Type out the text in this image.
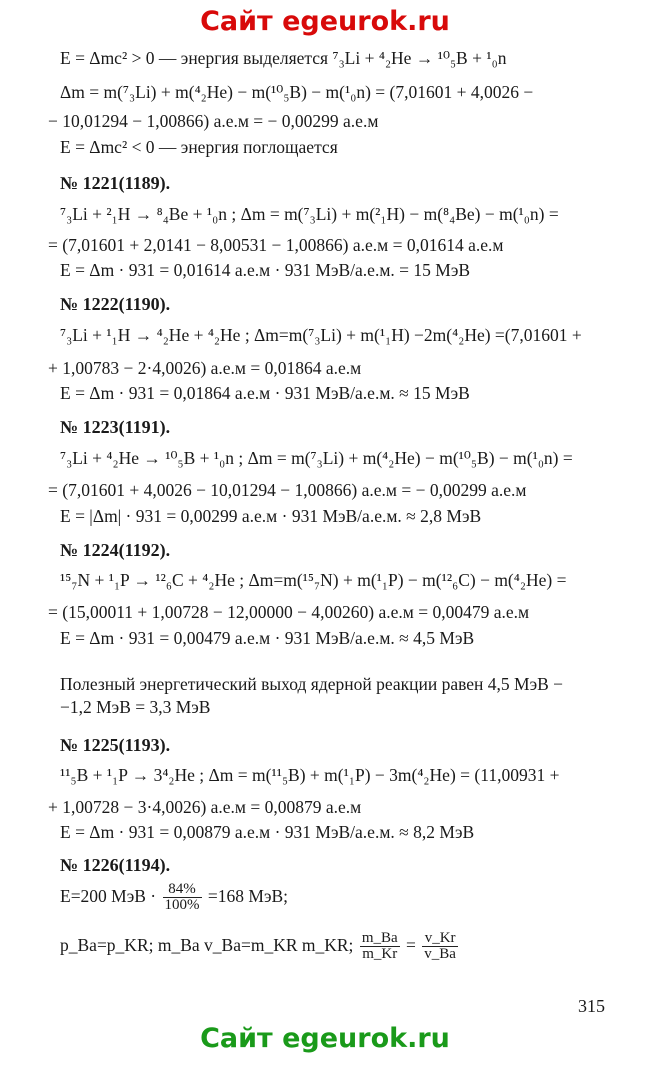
Сайт egeurok.ru
E = Δmc² > 0 — энергия выделяется ⁷₃Li + ⁴₂He → ¹⁰₅B + ¹₀n
Δm = m(⁷₃Li) + m(⁴₂He) − m(¹⁰₅B) − m(¹₀n) = (7,01601 + 4,0026 −
− 10,01294 − 1,00866) а.е.м = − 0,00299 а.е.м
E = Δmc² < 0 — энергия поглощается
№ 1221(1189).
⁷₃Li + ²₁H → ⁸₄Be + ¹₀n ; Δm = m(⁷₃Li) + m(²₁H) − m(⁸₄Be) − m(¹₀n) =
= (7,01601 + 2,0141 − 8,00531 − 1,00866) а.е.м = 0,01614 а.е.м
E = Δm · 931 = 0,01614 а.е.м · 931 МэВ/а.е.м. = 15 МэВ
№ 1222(1190).
⁷₃Li + ¹₁H → ⁴₂He + ⁴₂He ; Δm=m(⁷₃Li) + m(¹₁H) −2m(⁴₂He) =(7,01601 +
+ 1,00783 − 2·4,0026) а.е.м = 0,01864 а.е.м
E = Δm · 931 = 0,01864 а.е.м · 931 МэВ/а.е.м. ≈ 15 МэВ
№ 1223(1191).
⁷₃Li + ⁴₂He → ¹⁰₅B + ¹₀n ; Δm = m(⁷₃Li) + m(⁴₂He) − m(¹⁰₅B) − m(¹₀n) =
= (7,01601 + 4,0026 − 10,01294 − 1,00866) а.е.м = − 0,00299 а.е.м
E = |Δm| · 931 = 0,00299 а.е.м · 931 МэВ/а.е.м. ≈ 2,8 МэВ
№ 1224(1192).
¹⁵₇N + ¹₁P → ¹²₆C + ⁴₂He ; Δm=m(¹⁵₇N) + m(¹₁P) − m(¹²₆C) − m(⁴₂He) =
= (15,00011 + 1,00728 − 12,00000 − 4,00260) а.е.м = 0,00479 а.е.м
E = Δm · 931 = 0,00479 а.е.м · 931 МэВ/а.е.м. ≈ 4,5 МэВ
Полезный энергетический выход ядерной реакции равен 4,5 МэВ −
−1,2 МэВ = 3,3 МэВ
№ 1225(1193).
¹¹₅B + ¹₁P → 3⁴₂He ; Δm = m(¹¹₅B) + m(¹₁P) − 3m(⁴₂He) = (11,00931 +
+ 1,00728 − 3·4,0026) а.е.м = 0,00879 а.е.м
E = Δm · 931 = 0,00879 а.е.м · 931 МэВ/а.е.м. ≈ 8,2 МэВ
№ 1226(1194).
E=200 МэВ · $\frac{84\%}{100\%} =168$ МэВ;
p_Ba=p_KR; m_Ba v_Ba=m_KR m_KR; $\frac{m\_Ba}{m\_Kr} = \frac{v\_Kr}{v\_Ba}$
315
Сайт egeurok.ru
